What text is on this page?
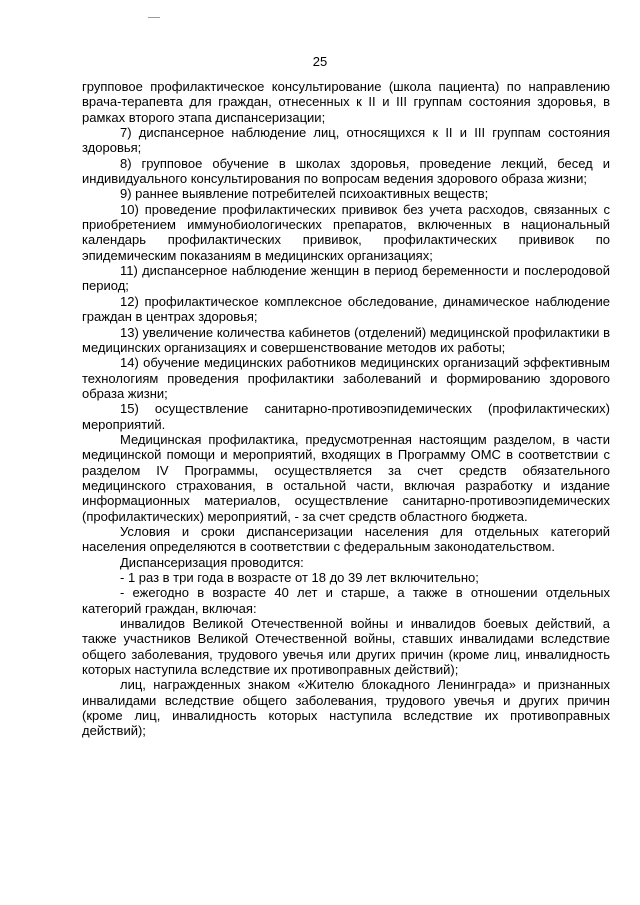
25

групповое профилактическое консультирование (школа пациента) по направлению врача-терапевта для граждан, отнесенных к II и III группам состояния здоровья, в рамках второго этапа диспансеризации;

7) диспансерное наблюдение лиц, относящихся к II и III группам состояния здоровья;

8) групповое обучение в школах здоровья, проведение лекций, бесед и индивидуального консультирования по вопросам ведения здорового образа жизни;

9) раннее выявление потребителей психоактивных веществ;

10) проведение профилактических прививок без учета расходов, связанных с приобретением иммунобиологических препаратов, включенных в национальный календарь профилактических прививок, профилактических прививок по эпидемическим показаниям в медицинских организациях;

11) диспансерное наблюдение женщин в период беременности и послеродовой период;

12) профилактическое комплексное обследование, динамическое наблюдение граждан в центрах здоровья;

13) увеличение количества кабинетов (отделений) медицинской профилактики в медицинских организациях и совершенствование методов их работы;

14) обучение медицинских работников медицинских организаций эффективным технологиям проведения профилактики заболеваний и формированию здорового образа жизни;

15) осуществление санитарно-противоэпидемических (профилактических) мероприятий.

Медицинская профилактика, предусмотренная настоящим разделом, в части медицинской помощи и мероприятий, входящих в Программу ОМС в соответствии с разделом IV Программы, осуществляется за счет средств обязательного медицинского страхования, в остальной части, включая разработку и издание информационных материалов, осуществление санитарно-противоэпидемических (профилактических) мероприятий, - за счет средств областного бюджета.

Условия и сроки диспансеризации населения для отдельных категорий населения определяются в соответствии с федеральным законодательством.

Диспансеризация проводится:

- 1 раз в три года в возрасте от 18 до 39 лет включительно;

- ежегодно в возрасте 40 лет и старше, а также в отношении отдельных категорий граждан, включая:

инвалидов Великой Отечественной войны и инвалидов боевых действий, а также участников Великой Отечественной войны, ставших инвалидами вследствие общего заболевания, трудового увечья или других причин (кроме лиц, инвалидность которых наступила вследствие их противоправных действий);

лиц, награжденных знаком «Жителю блокадного Ленинграда» и признанных инвалидами вследствие общего заболевания, трудового увечья и других причин (кроме лиц, инвалидность которых наступила вследствие их противоправных действий);
